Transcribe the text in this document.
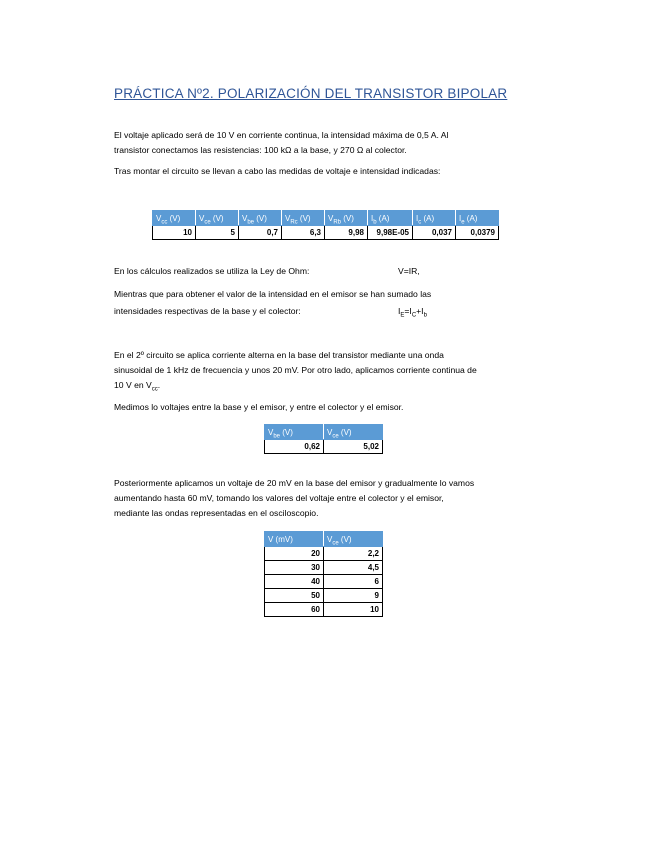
PRÁCTICA Nº2. POLARIZACIÓN DEL TRANSISTOR BIPOLAR
El voltaje aplicado será de 10 V en corriente continua, la intensidad máxima de 0,5 A. Al
transistor conectamos las resistencias: 100 kΩ a la base, y 270 Ω al colector.
Tras montar el circuito se llevan a cabo las medidas de voltaje e intensidad indicadas:
$V_{cc}$ (V)	$V_{ce}$ (V)	$V_{be}$ (V)	$V_{Rc}$ (V)	$V_{Rb}$ (V)	$I_b$ (A)	$I_c$ (A)	$I_e$ (A)
10	5	0,7	6,3	9,98	9,98E-05	0,037	0,0379
En los cálculos realizados se utiliza la Ley de Ohm:	V=IR,
Mientras que para obtener el valor de la intensidad en el emisor se han sumado las
intensidades respectivas de la base y el colector:	$I_E=I_C+I_b$
En el 2º circuito se aplica corriente alterna en la base del transistor mediante una onda
sinusoidal de 1 kHz de frecuencia y unos 20 mV. Por otro lado, aplicamos corriente continua de
10 V en $V_{cc}$.
Medimos lo voltajes entre la base y el emisor, y entre el colector y el emisor.
$V_{be}$ (V)	$V_{ce}$ (V)
0,62	5,02
Posteriormente aplicamos un voltaje de 20 mV en la base del emisor y gradualmente lo vamos
aumentando hasta 60 mV, tomando los valores del voltaje entre el colector y el emisor,
mediante las ondas representadas en el osciloscopio.
V (mV)	$V_{ce}$ (V)
20	2,2
30	4,5
40	6
50	9
60	10
